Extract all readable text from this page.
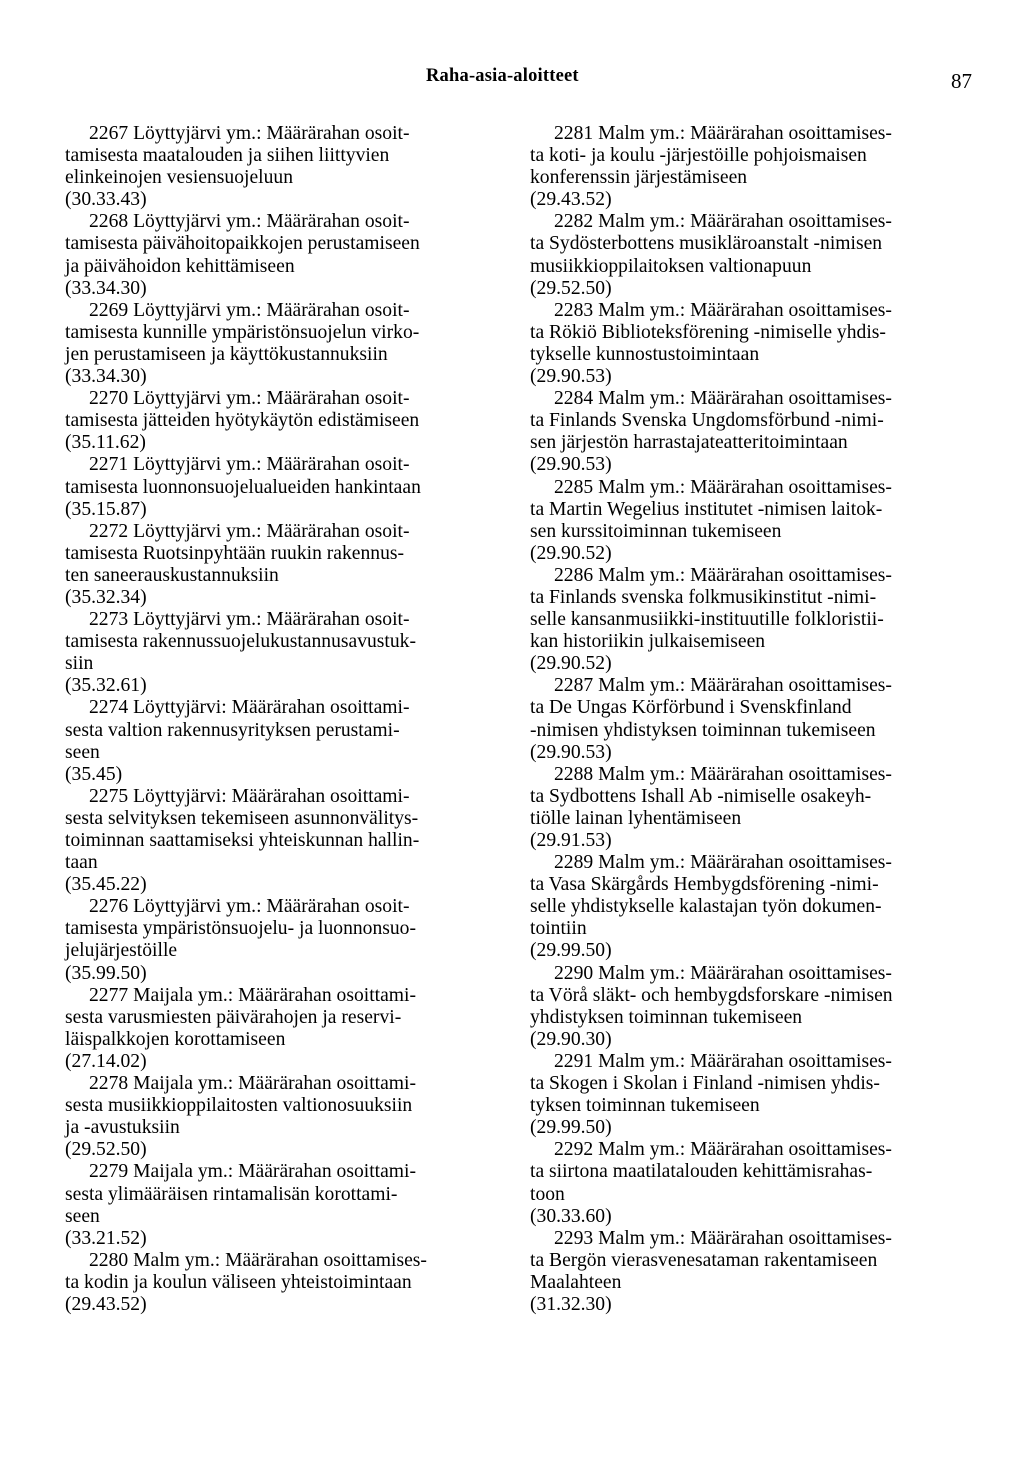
Raha-asia-aloitteet	87

2267 Löyttyjärvi ym.: Määrärahan osoit-
tamisesta maatalouden ja siihen liittyvien
elinkeinojen vesiensuojeluun
(30.33.43)

2268 Löyttyjärvi ym.: Määrärahan osoit-
tamisesta päivähoitopaikkojen perustamiseen
ja päivähoidon kehittämiseen
(33.34.30)

2269 Löyttyjärvi ym.: Määrärahan osoit-
tamisesta kunnille ympäristönsuojelun virko-
jen perustamiseen ja käyttökustannuksiin
(33.34.30)

2270 Löyttyjärvi ym.: Määrärahan osoit-
tamisesta jätteiden hyötykäytön edistämiseen
(35.11.62)

2271 Löyttyjärvi ym.: Määrärahan osoit-
tamisesta luonnonsuojelualueiden hankintaan
(35.15.87)

2272 Löyttyjärvi ym.: Määrärahan osoit-
tamisesta Ruotsinpyhtään ruukin rakennus-
ten saneerauskustannuksiin
(35.32.34)

2273 Löyttyjärvi ym.: Määrärahan osoit-
tamisesta rakennussuojelukustannusavustuk-
siin
(35.32.61)

2274 Löyttyjärvi: Määrärahan osoittami-
sesta valtion rakennusyrityksen perustami-
seen
(35.45)

2275 Löyttyjärvi: Määrärahan osoittami-
sesta selvityksen tekemiseen asunnonvälitys-
toiminnan saattamiseksi yhteiskunnan hallin-
taan
(35.45.22)

2276 Löyttyjärvi ym.: Määrärahan osoit-
tamisesta ympäristönsuojelu- ja luonnonsuo-
jelujärjestöille
(35.99.50)

2277 Maijala ym.: Määrärahan osoittami-
sesta varusmiesten päivärahojen ja reservi-
läispalkkojen korottamiseen
(27.14.02)

2278 Maijala ym.: Määrärahan osoittami-
sesta musiikkioppilaitosten valtionosuuksiin
ja -avustuksiin
(29.52.50)

2279 Maijala ym.: Määrärahan osoittami-
sesta ylimääräisen rintamalisän korottami-
seen
(33.21.52)

2280 Malm ym.: Määrärahan osoittamises-
ta kodin ja koulun väliseen yhteistoimintaan
(29.43.52)

2281 Malm ym.: Määrärahan osoittamises-
ta koti- ja koulu -järjestöille pohjoismaisen
konferenssin järjestämiseen
(29.43.52)

2282 Malm ym.: Määrärahan osoittamises-
ta Sydösterbottens musikläroanstalt -nimisen
musiikkioppilaitoksen valtionapuun
(29.52.50)

2283 Malm ym.: Määrärahan osoittamises-
ta Rökiö Biblioteksförening -nimiselle yhdis-
tykselle kunnostustoimintaan
(29.90.53)

2284 Malm ym.: Määrärahan osoittamises-
ta Finlands Svenska Ungdomsförbund -nimi-
sen järjestön harrastajateatteritoimintaan
(29.90.53)

2285 Malm ym.: Määrärahan osoittamises-
ta Martin Wegelius institutet -nimisen laitok-
sen kurssitoiminnan tukemiseen
(29.90.52)

2286 Malm ym.: Määrärahan osoittamises-
ta Finlands svenska folkmusikinstitut -nimi-
selle kansanmusiikki-instituutille folkloristii-
kan historiikin julkaisemiseen
(29.90.52)

2287 Malm ym.: Määrärahan osoittamises-
ta De Ungas Körförbund i Svenskfinland
-nimisen yhdistyksen toiminnan tukemiseen
(29.90.53)

2288 Malm ym.: Määrärahan osoittamises-
ta Sydbottens Ishall Ab -nimiselle osakeyh-
tiölle lainan lyhentämiseen
(29.91.53)

2289 Malm ym.: Määrärahan osoittamises-
ta Vasa Skärgårds Hembygdsförening -nimi-
selle yhdistykselle kalastajan työn dokumen-
tointiin
(29.99.50)

2290 Malm ym.: Määrärahan osoittamises-
ta Vörå släkt- och hembygdsforskare -nimisen
yhdistyksen toiminnan tukemiseen
(29.90.30)

2291 Malm ym.: Määrärahan osoittamises-
ta Skogen i Skolan i Finland -nimisen yhdis-
tyksen toiminnan tukemiseen
(29.99.50)

2292 Malm ym.: Määrärahan osoittamises-
ta siirtona maatilatalouden kehittämisrahas-
toon
(30.33.60)

2293 Malm ym.: Määrärahan osoittamises-
ta Bergön vierasvenesataman rakentamiseen
Maalahteen
(31.32.30)
